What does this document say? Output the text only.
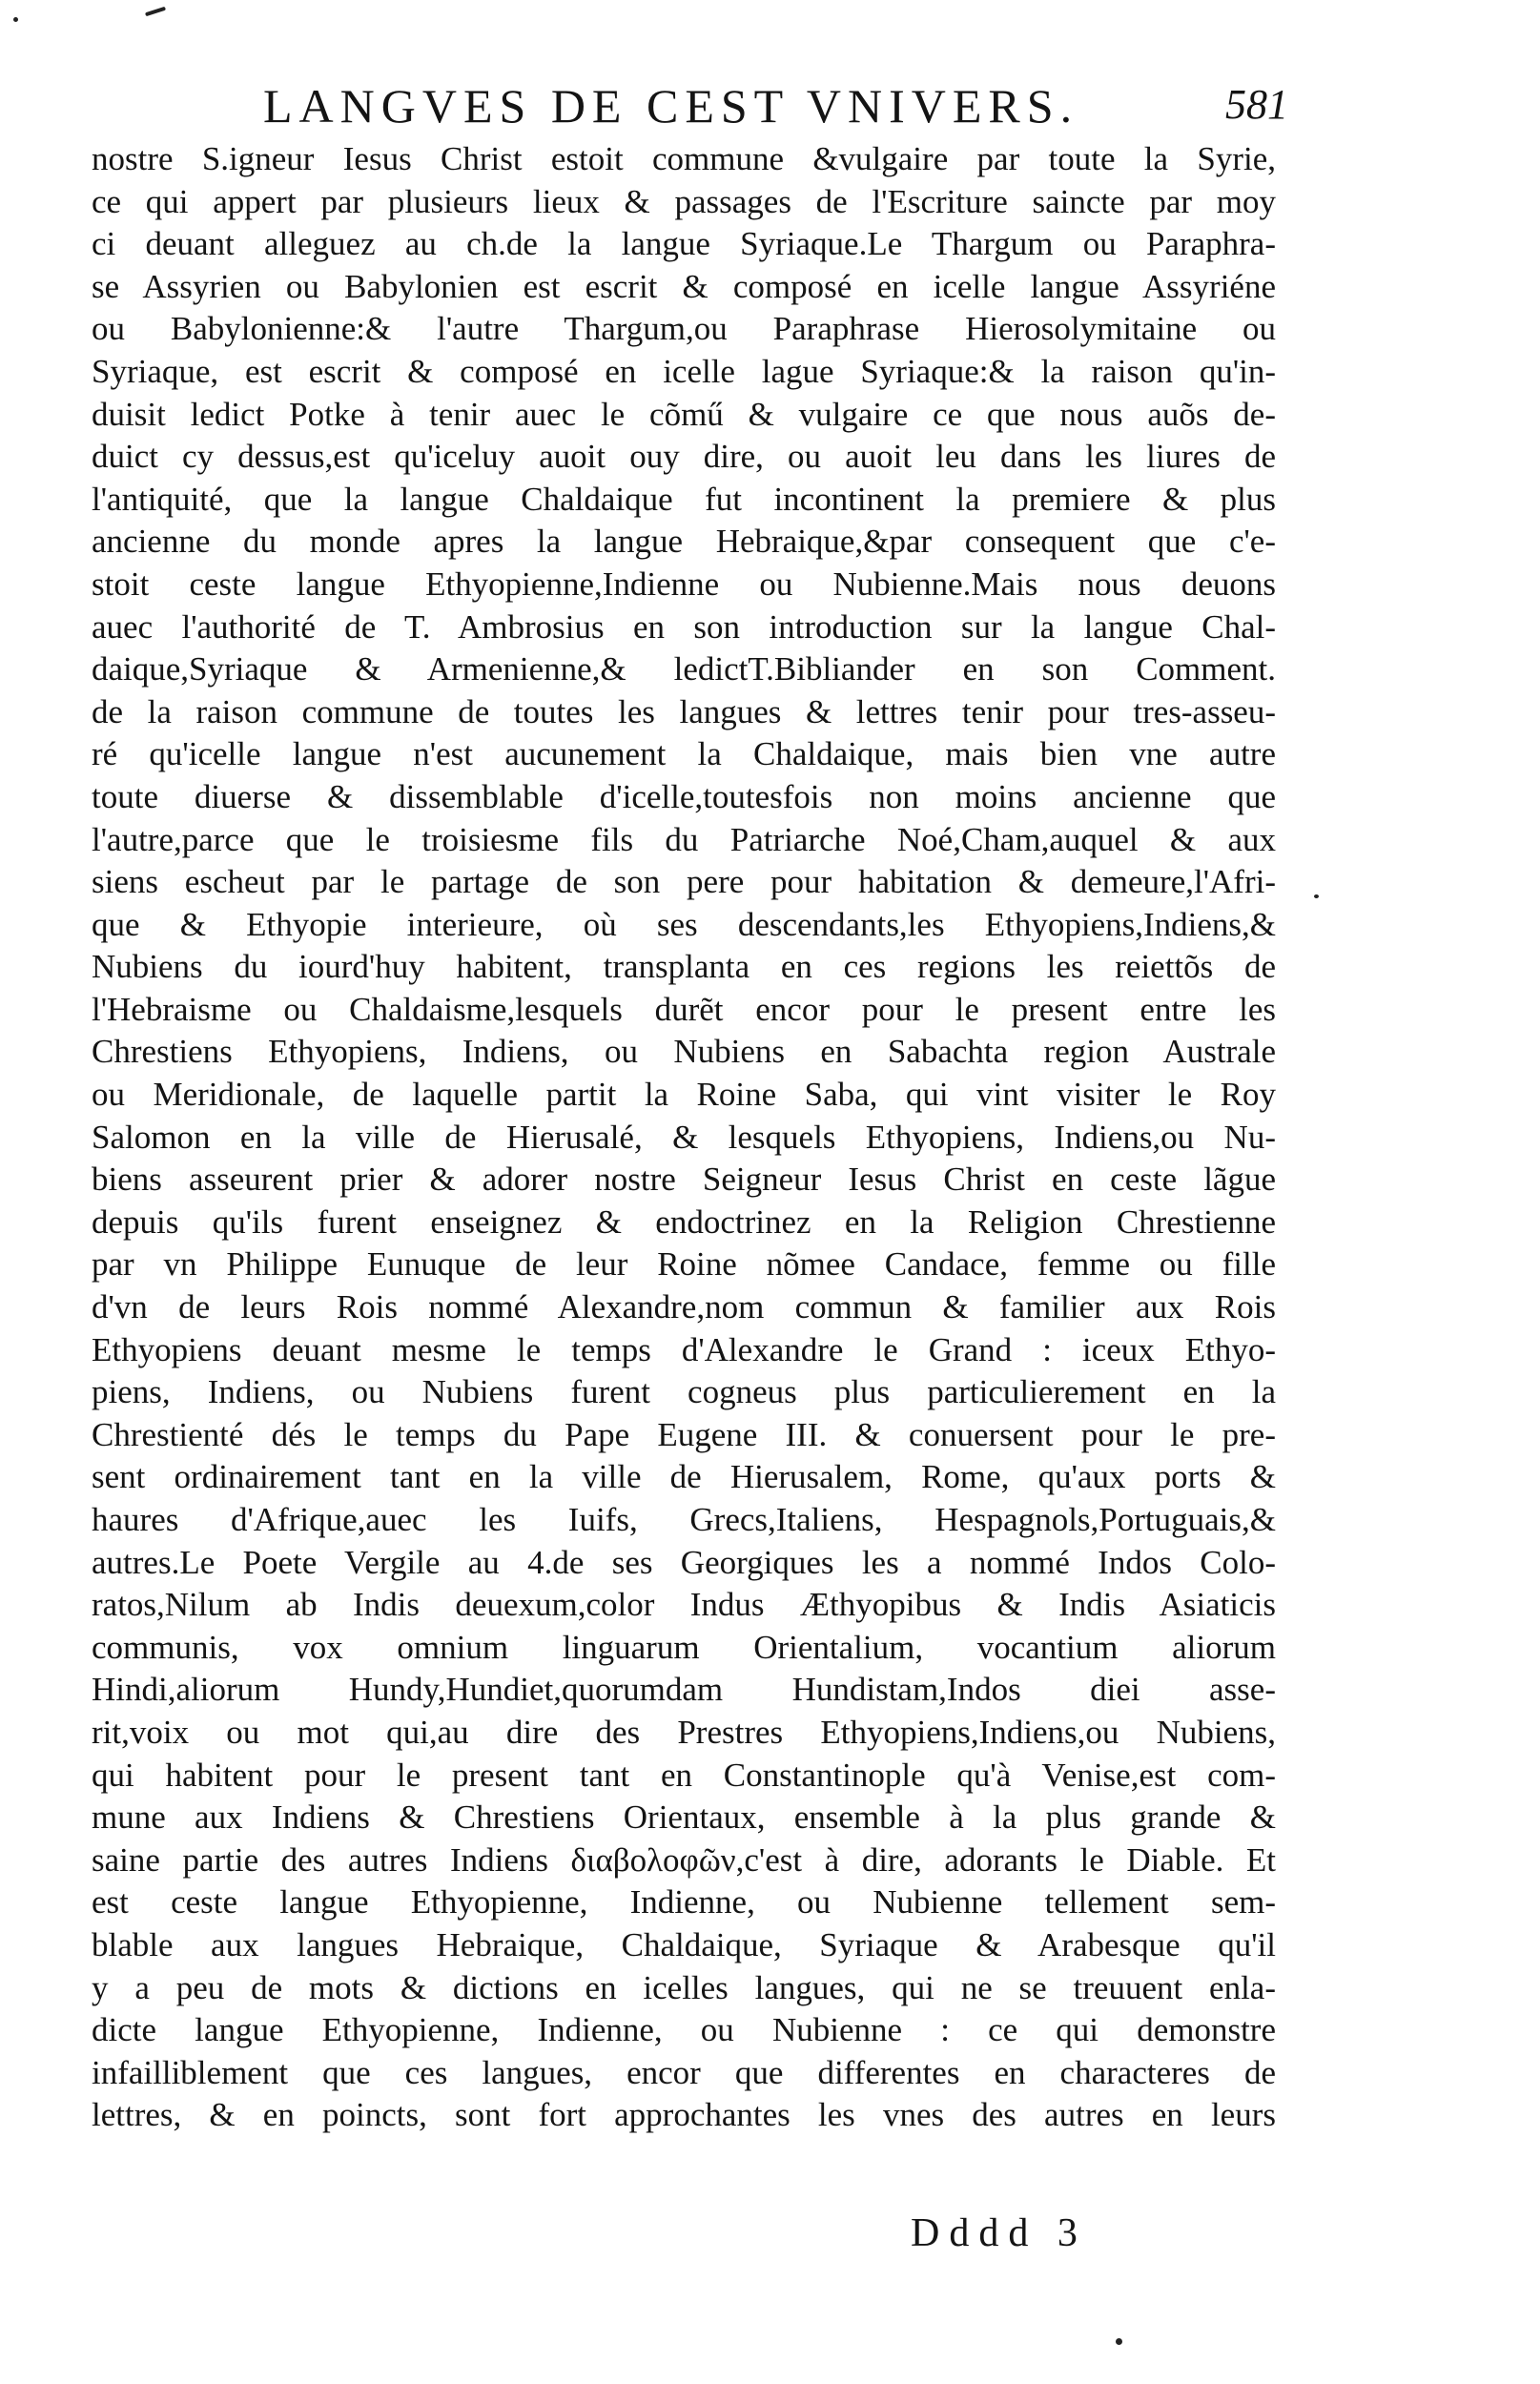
LANGVES DE CEST VNIVERS.	581
nostre S.igneur Iesus Christ estoit commune &vulgaire par toute la Syrie,
ce qui appert par plusieurs lieux & passages de l'Escriture saincte par moy
ci deuant alleguez au ch.de la langue Syriaque.Le Thargum ou Paraphra-
se Assyrien ou Babylonien est escrit & composé en icelle langue Assyriéne
ou Babylonienne:& l'autre Thargum,ou Paraphrase Hierosolymitaine ou
Syriaque, est escrit & composé en icelle lague Syriaque:& la raison qu'in-
duisit ledict Potke à tenir auec le cõmű & vulgaire ce que nous auõs de-
duict cy dessus,est qu'iceluy auoit ouy dire, ou auoit leu dans les liures de
l'antiquité, que la langue Chaldaique fut incontinent la premiere & plus
ancienne du monde apres la langue Hebraique,&par consequent que c'e-
stoit ceste langue Ethyopienne,Indienne ou Nubienne.Mais nous deuons
auec l'authorité de T. Ambrosius en son introduction sur la langue Chal-
daique,Syriaque & Armenienne,& ledictT.Bibliander en son Comment.
de la raison commune de toutes les langues & lettres tenir pour tres-asseu-
ré qu'icelle langue n'est aucunement la Chaldaique, mais bien vne autre
toute diuerse & dissemblable d'icelle,toutesfois non moins ancienne que
l'autre,parce que le troisiesme fils du Patriarche Noé,Cham,auquel & aux
siens escheut par le partage de son pere pour habitation & demeure,l'Afri-
que & Ethyopie interieure, où ses descendants,les Ethyopiens,Indiens,&
Nubiens du iourd'huy habitent, transplanta en ces regions les reiettõs de
l'Hebraisme ou Chaldaisme,lesquels durẽt encor pour le present entre les
Chrestiens Ethyopiens, Indiens, ou Nubiens en Sabachta region Australe
ou Meridionale, de laquelle partit la Roine Saba, qui vint visiter le Roy
Salomon en la ville de Hierusalé, & lesquels Ethyopiens, Indiens,ou Nu-
biens asseurent prier & adorer nostre Seigneur Iesus Christ en ceste lãgue
depuis qu'ils furent enseignez & endoctrinez en la Religion Chrestienne
par vn Philippe Eunuque de leur Roine nõmee Candace, femme ou fille
d'vn de leurs Rois nommé Alexandre,nom commun & familier aux Rois
Ethyopiens deuant mesme le temps d'Alexandre le Grand : iceux Ethyo-
piens, Indiens, ou Nubiens furent cogneus plus particulierement en la
Chrestienté dés le temps du Pape Eugene III. & conuersent pour le pre-
sent ordinairement tant en la ville de Hierusalem, Rome, qu'aux ports &
haures d'Afrique,auec les Iuifs, Grecs,Italiens, Hespagnols,Portuguais,&
autres.Le Poete Vergile au 4.de ses Georgiques les a nommé Indos Colo-
ratos,Nilum ab Indis deuexum,color Indus Æthyopibus & Indis Asiaticis
communis, vox omnium linguarum Orientalium, vocantium aliorum
Hindi,aliorum Hundy,Hundiet,quorumdam Hundistam,Indos diei asse-
rit,voix ou mot qui,au dire des Prestres Ethyopiens,Indiens,ou Nubiens,
qui habitent pour le present tant en Constantinople qu'à Venise,est com-
mune aux Indiens & Chrestiens Orientaux, ensemble à la plus grande &
saine partie des autres Indiens διαβολοφῶν,c'est à dire, adorants le Diable. Et
est ceste langue Ethyopienne, Indienne, ou Nubienne tellement sem-
blable aux langues Hebraique, Chaldaique, Syriaque & Arabesque qu'il
y a peu de mots & dictions en icelles langues, qui ne se treuuent enla-
dicte langue Ethyopienne, Indienne, ou Nubienne : ce qui demonstre
infailliblement que ces langues, encor que differentes en characteres de
lettres, & en poincts, sont fort approchantes les vnes des autres en leurs
Dddd 3
